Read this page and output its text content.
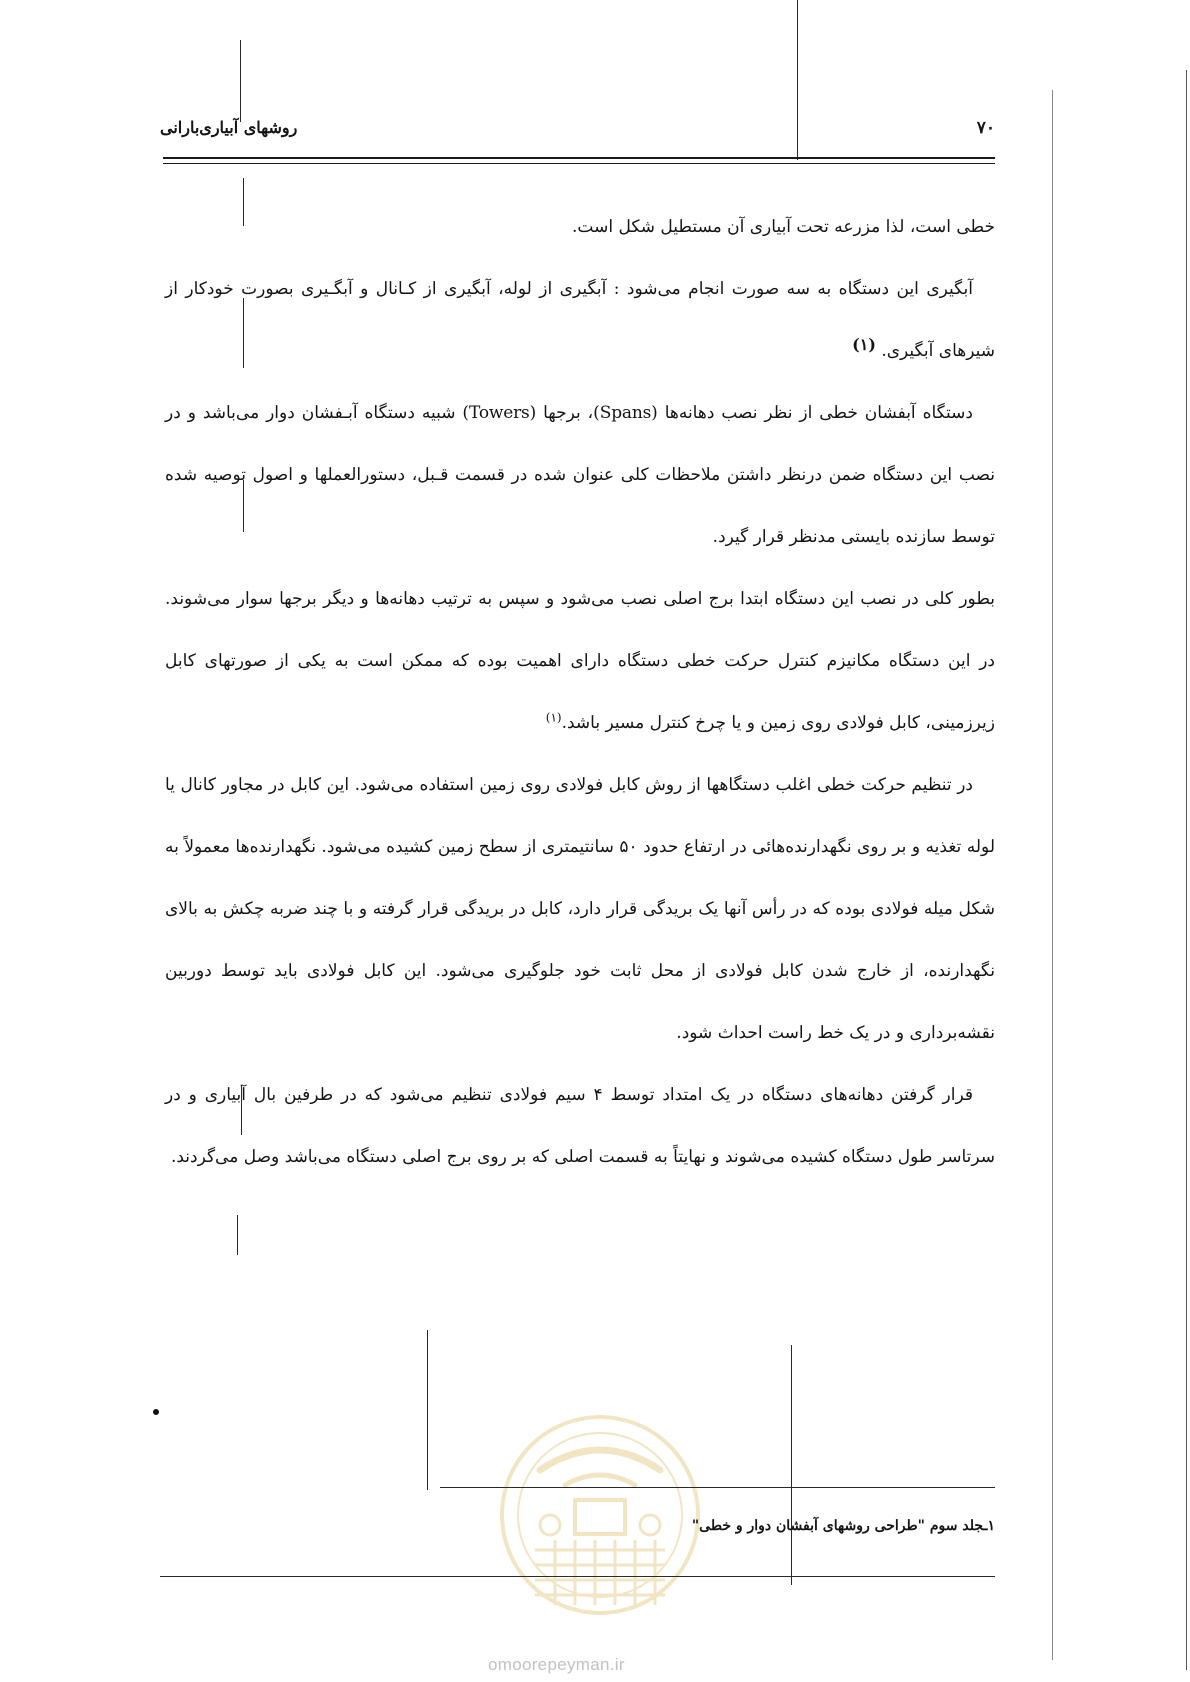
۷۰
روشهای آبیاری‌بارانی

خطی است، لذا مزرعه تحت آبیاری آن مستطیل شکل است.

آبگیری این دستگاه به سه صورت انجام می‌شود : آبگیری از لوله، آبگیری از کـانال و آبگـیری بصورت خودکار از شیرهای آبگیری. (۱)

دستگاه آبفشان خطی از نظر نصب دهانه‌ها (Spans)، برجها (Towers) شبیه دستگاه آبـفشان دوار می‌باشد و در نصب این دستگاه ضمن درنظر داشتن ملاحظات کلی عنوان شده در قسمت قـبل، دستورالعملها و اصول توصیه شده توسط سازنده بایستی مدنظر قرار گیرد.

بطور کلی در نصب این دستگاه ابتدا برج اصلی نصب می‌شود و سپس به ترتیب دهانه‌ها و دیگر برجها سوار می‌شوند. در این دستگاه مکانیزم کنترل حرکت خطی دستگاه دارای اهمیت بوده که ممکن است به یکی از صورتهای کابل زیرزمینی، کابل فولادی روی زمین و یا چرخ کنترل مسیر باشد.$^{(۱)}$

در تنظیم حرکت خطی اغلب دستگاهها از روش کابل فولادی روی زمین استفاده می‌شود. این کابل در مجاور کانال یا لوله تغذیه و بر روی نگهدارنده‌هائی در ارتفاع حدود ۵۰ سانتیمتری از سطح زمین کشیده می‌شود. نگهدارنده‌ها معمولاً به شکل میله فولادی بوده که در رأس آنها یک بریدگی قرار دارد، کابل در بریدگی قرار گرفته و با چند ضربه چکش به بالای نگهدارنده، از خارج شدن کابل فولادی از محل ثابت خود جلوگیری می‌شود. این کابل فولادی باید توسط دوربین نقشه‌برداری و در یک خط راست احداث شود.

قرار گرفتن دهانه‌های دستگاه در یک امتداد توسط ۴ سیم فولادی تنظیم می‌شود که در طرفین بال آبیاری و در سرتاسر طول دستگاه کشیده می‌شوند و نهایتاً به قسمت اصلی که بر روی برج اصلی دستگاه می‌باشد وصل می‌گردند.

۱ـجلد سوم "طراحی روشهای آبفشان دوار و خطی"
omoorepeyman.ir
